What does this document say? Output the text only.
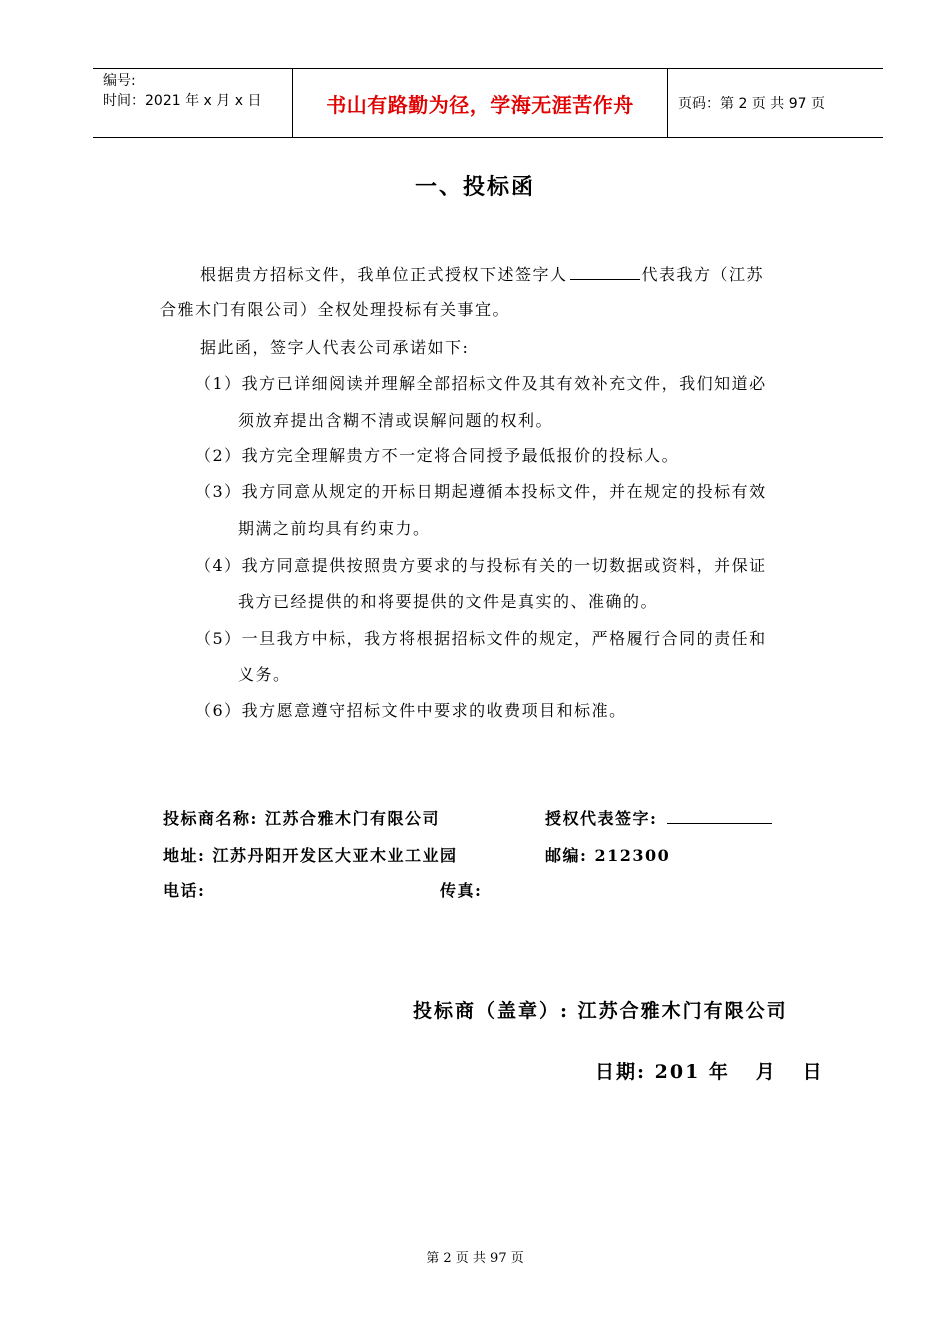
编号:
时间：2021 年 x 月 x 日	书山有路勤为径，学海无涯苦作舟	页码：第 2 页 共 97 页
一、投标函
根据贵方招标文件，我单位正式授权下述签字人	代表我方（江苏
合雅木门有限公司）全权处理投标有关事宜。
据此函，签字人代表公司承诺如下:
（1）我方已详细阅读并理解全部招标文件及其有效补充文件，我们知道必
须放弃提出含糊不清或误解问题的权利。
（2）我方完全理解贵方不一定将合同授予最低报价的投标人。
（3）我方同意从规定的开标日期起遵循本投标文件，并在规定的投标有效
期满之前均具有约束力。
（4）我方同意提供按照贵方要求的与投标有关的一切数据或资料，并保证
我方已经提供的和将要提供的文件是真实的、准确的。
（5）一旦我方中标，我方将根据招标文件的规定，严格履行合同的责任和
义务。
（6）我方愿意遵守招标文件中要求的收费项目和标准。
投标商名称: 江苏合雅木门有限公司	授权代表签字:
地址: 江苏丹阳开发区大亚木业工业园	邮编: 212300
电话:	传真:
投标商（盖章）: 江苏合雅木门有限公司
日期: 201 年   月   日
第 2 页 共 97 页
